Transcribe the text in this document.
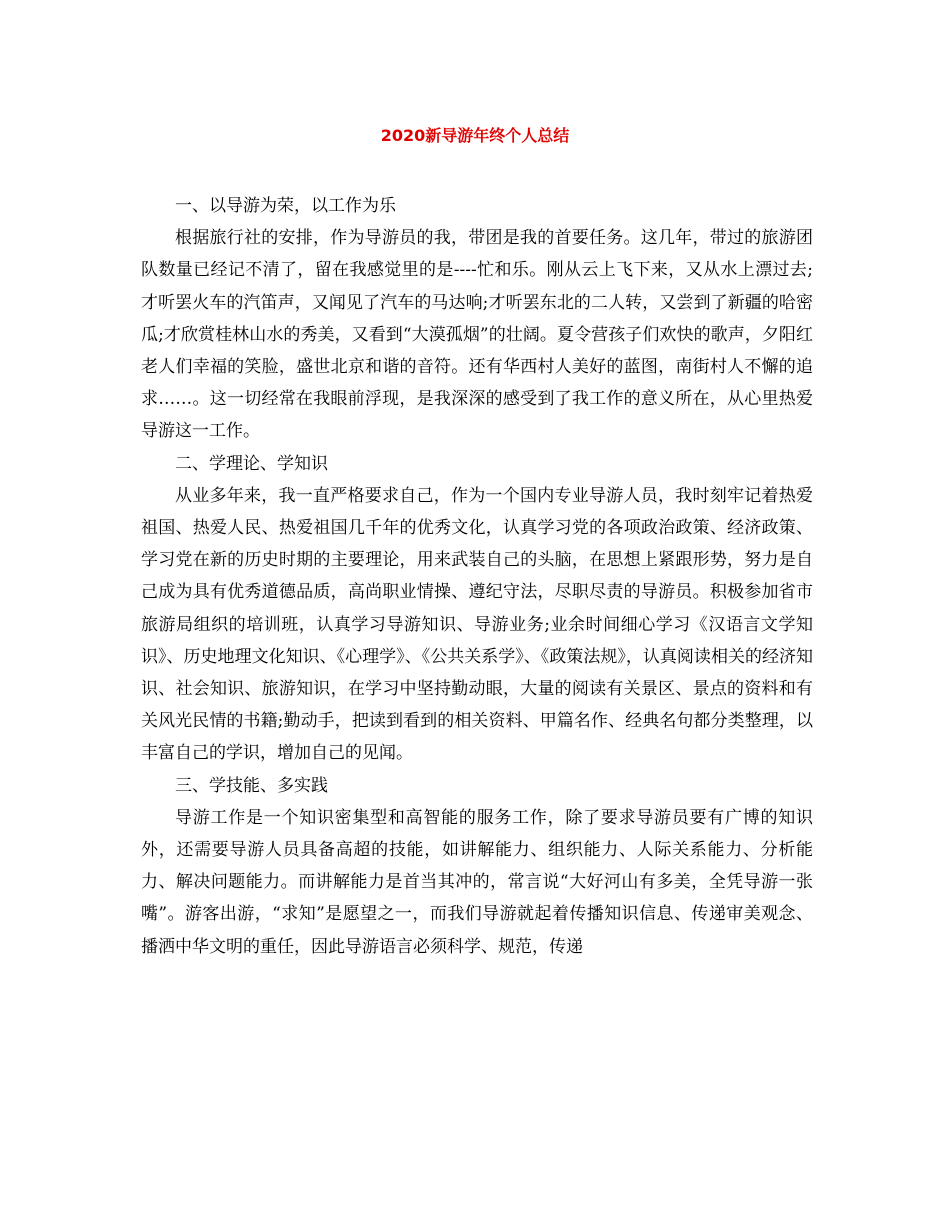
2020新导游年终个人总结

一、以导游为荣，以工作为乐

根据旅行社的安排，作为导游员的我，带团是我的首要任务。这几年，带过的旅游团队数量已经记不清了，留在我感觉里的是----忙和乐。刚从云上飞下来，又从水上漂过去;才听罢火车的汽笛声，又闻见了汽车的马达响;才听罢东北的二人转，又尝到了新疆的哈密瓜;才欣赏桂林山水的秀美，又看到“大漠孤烟”的壮阔。夏令营孩子们欢快的歌声，夕阳红老人们幸福的笑脸，盛世北京和谐的音符。还有华西村人美好的蓝图，南街村人不懈的追求……。这一切经常在我眼前浮现，是我深深的感受到了我工作的意义所在，从心里热爱导游这一工作。

二、学理论、学知识

从业多年来，我一直严格要求自己，作为一个国内专业导游人员，我时刻牢记着热爱祖国、热爱人民、热爱祖国几千年的优秀文化，认真学习党的各项政治政策、经济政策、学习党在新的历史时期的主要理论，用来武装自己的头脑，在思想上紧跟形势，努力是自己成为具有优秀道德品质，高尚职业情操、遵纪守法，尽职尽责的导游员。积极参加省市旅游局组织的培训班，认真学习导游知识、导游业务;业余时间细心学习《汉语言文学知识》、历史地理文化知识、《心理学》、《公共关系学》、《政策法规》，认真阅读相关的经济知识、社会知识、旅游知识，在学习中坚持勤动眼，大量的阅读有关景区、景点的资料和有关风光民情的书籍;勤动手，把读到看到的相关资料、甲篇名作、经典名句都分类整理，以丰富自己的学识，增加自己的见闻。

三、学技能、多实践

导游工作是一个知识密集型和高智能的服务工作，除了要求导游员要有广博的知识外，还需要导游人员具备高超的技能，如讲解能力、组织能力、人际关系能力、分析能力、解决问题能力。而讲解能力是首当其冲的，常言说“大好河山有多美，全凭导游一张嘴”。游客出游，“求知”是愿望之一，而我们导游就起着传播知识信息、传递审美观念、播洒中华文明的重任，因此导游语言必须科学、规范，传递
